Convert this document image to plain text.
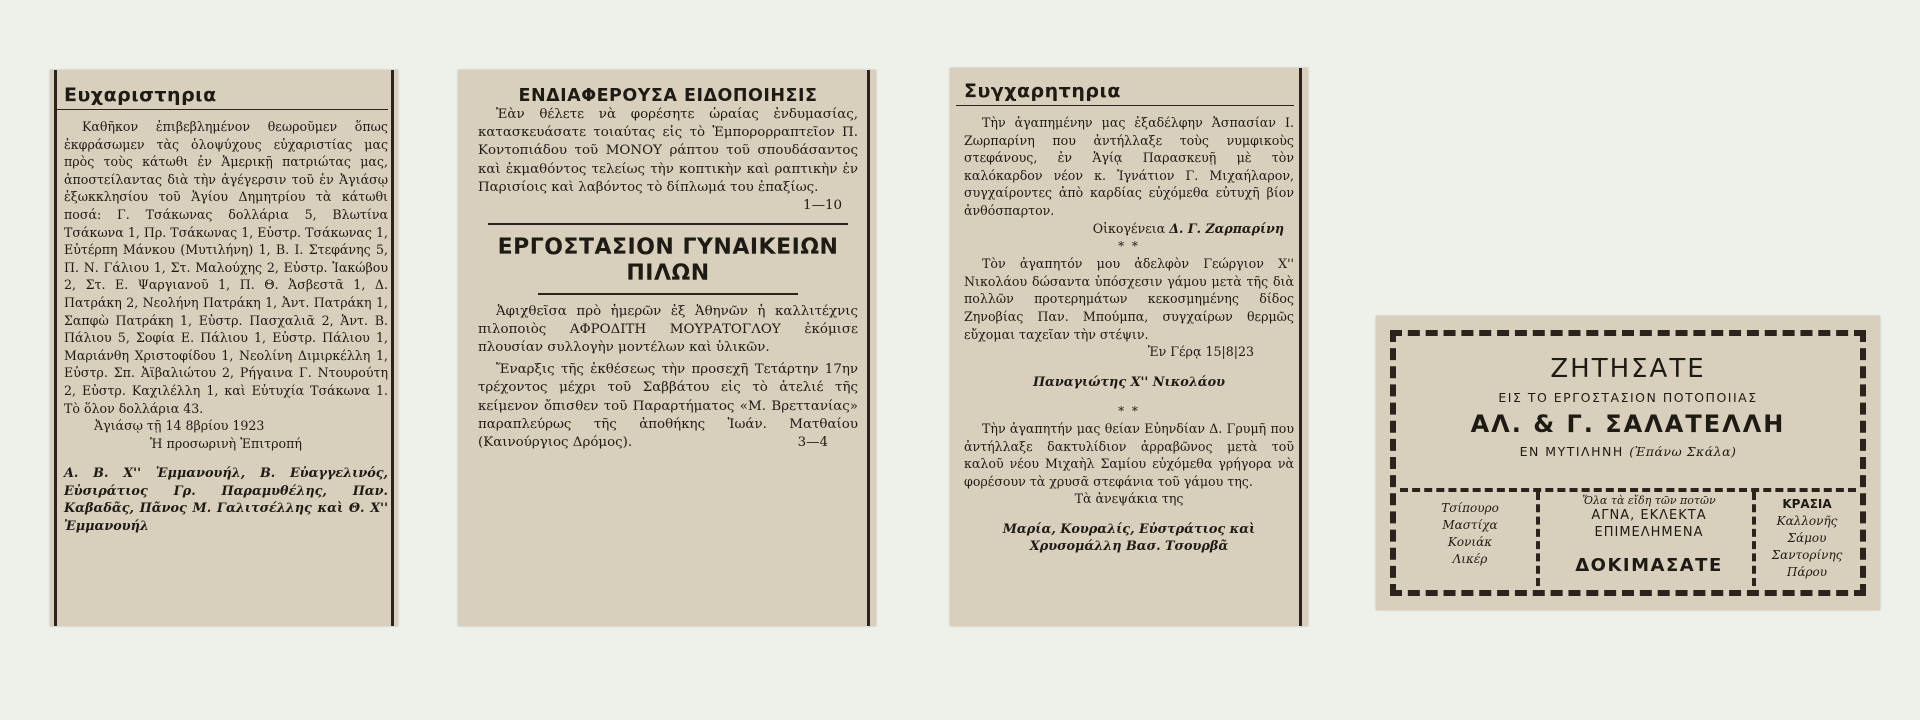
Ευχαριστηρια

Καθῆκον ἐπιβεβλημένον θεωροῦμεν ὅπως ἐκφράσωμεν τὰς ὁλοψύχους εὐχαριστίας μας πρὸς τοὺς κάτωθι ἐν Ἀμερικῇ πατριώτας μας, ἀποστείλαντας διὰ τὴν ἀγέγερσιν τοῦ ἐν Ἀγιάσῳ ἐξωκκλησίου τοῦ Ἁγίου Δημητρίου τὰ κάτωθι ποσά: Γ. Τσάκωνας δολλάρια 5, Βλωτίνα Τσάκωνα 1, Πρ. Τσάκωνας 1, Εὐστρ. Τσάκωνας 1, Εὐτέρπη Μάνκου (Μυτιλήνη) 1, Β. Ι. Στεφάνης 5, Π. Ν. Γάλιου 1, Στ. Μαλούχης 2, Εὐστρ. Ἰακώβου 2, Στ. Ε. Ψαργιανοῦ 1, Π. Θ. Ἀσβεστᾶ 1, Δ. Πατράκη 2, Νεολήνη Πατράκη 1, Ἀντ. Πατράκη 1, Σαπφὼ Πατράκη 1, Εὐστρ. Πασχαλιᾶ 2, Ἀντ. Β. Πάλιου 5, Σοφία Ε. Πάλιου 1, Εὐστρ. Πάλιου 1, Μαριάνθη Χριστοφίδου 1, Νεολίνη Διμιρκέλλη 1, Εὐστρ. Σπ. Ἀϊβαλιώτου 2, Ρήγαινα Γ. Ντουρούτη 2, Εὐστρ. Καχιλέλλη 1, καὶ Εὐτυχία Τσάκωνα 1. Τὸ ὅλον δολλάρια 43.

Ἀγιάσῳ τῇ 14 8βρίου 1923

Ἡ προσωρινὴ Ἐπιτροπή

Α. Β. Χ'' Ἐμμανουήλ, Β. Εὐαγγελινός, Εὐσιράτιος Γρ. Παραμυθέλης, Παν. Καβαδᾶς, Πᾶνος Μ. Γαλιτσέλλης καὶ Θ. Χ'' Ἐμμανουήλ

ΕΝΔΙΑΦΕΡΟΥΣΑ ΕΙΔΟΠΟΙΗΣΙΣ

Ἐὰν θέλετε νὰ φορέσητε ὡραίας ἐνδυμασίας, κατασκευάσατε τοιαύτας εἰς τὸ Ἐμπορορραπτεῖον Π. Κοντοπιάδου τοῦ ΜΟΝΟΥ ράπτου τοῦ σπουδάσαντος καὶ ἐκμαθόντος τελείως τὴν κοπτικὴν καὶ ραπτικὴν ἐν Παρισίοις καὶ λαβόντος τὸ δίπλωμά του ἐπαξίως.

1—10

ΕΡΓΟΣΤΑΣΙΟΝ ΓΥΝΑΙΚΕΙΩΝ ΠΙΛΩΝ

Ἀφιχθεῖσα πρὸ ἡμερῶν ἐξ Ἀθηνῶν ἡ καλλιτέχνις πιλοποιὸς ΑΦΡΟΔΙΤΗ ΜΟΥΡΑΤΟΓΛΟΥ ἐκόμισε πλουσίαν συλλογὴν μοντέλων καὶ ὑλικῶν.

Ἔναρξις τῆς ἐκθέσεως τὴν προσεχῆ Τετάρτην 17ην τρέχοντος μέχρι τοῦ Σαββάτου εἰς τὸ ἀτελιέ τῆς κείμενον ὄπισθεν τοῦ Παραρτήματος «Μ. Βρεττανίας» παραπλεύρως τῆς ἀποθήκης Ἰωάν. Ματθαίου (Καινούργιος Δρόμος).	3—4

Συγχαρητηρια

Τὴν ἀγαπημένην μας ἐξαδέλφην Ἀσπασίαν Ι. Ζωρπαρίνη που ἀντήλλαξε τοὺς νυμφικοὺς στεφάνους, ἐν Ἁγίᾳ Παρασκευῇ μὲ τὸν καλόκαρδον νέον κ. Ἰγνάτιον Γ. Μιχαήλαρον, συγχαίροντες ἀπὸ καρδίας εὐχόμεθα εὐτυχῆ βίον ἀνθόσπαρτον.

Οἰκογένεια Δ. Γ. Ζαρπαρίνη

* *

Τὸν ἀγαπητόν μου ἀδελφὸν Γεώργιον Χ'' Νικολάου δώσαντα ὑπόσχεσιν γάμου μετὰ τῆς διὰ πολλῶν προτερημάτων κεκοσμημένης δίδος Ζηνοβίας Παν. Μπούμπα, συγχαίρων θερμῶς εὔχομαι ταχεῖαν τὴν στέψιν.

Ἐν Γέρᾳ 15|8|23

Παναγιώτης Χ'' Νικολάου

* *

Τὴν ἀγαπητήν μας θείαν Εὐηνδίαν Δ. Γρυμῆ που ἀντήλλαξε δακτυλίδιον ἀρραβῶνος μετὰ τοῦ καλοῦ νέου Μιχαὴλ Σαμίου εὐχόμεθα γρήγορα νὰ φορέσουν τὰ χρυσᾶ στεφάνια τοῦ γάμου της.

Τὰ ἀνεψάκια της

Μαρία, Κουραλίς, Εὐστράτιος καὶ Χρυσομάλλη Βασ. Τσουρβᾶ

ΖΗΤΗΣΑΤΕ
ΕΙΣ ΤΟ ΕΡΓΟΣΤΑΣΙΟΝ ΠΟΤΟΠΟΙΙΑΣ
ΑΛ. & Γ. ΣΑΛΑΤΕΛΛΗ
ΕΝ ΜΥΤΙΛΗΝΗ (Ἐπάνω Σκάλα)
Τσίπουρο
Μαστίχα
Κονιάκ
Λικέρ
Ὅλα τὰ εἴδη τῶν ποτῶν
ΑΓΝΑ, ΕΚΛΕΚΤΑ ΕΠΙΜΕΛΗΜΕΝΑ
ΔΟΚΙΜΑΣΑΤΕ
ΚΡΑΣΙΑ
Καλλονῆς
Σάμου
Σαντορίνης
Πάρου
